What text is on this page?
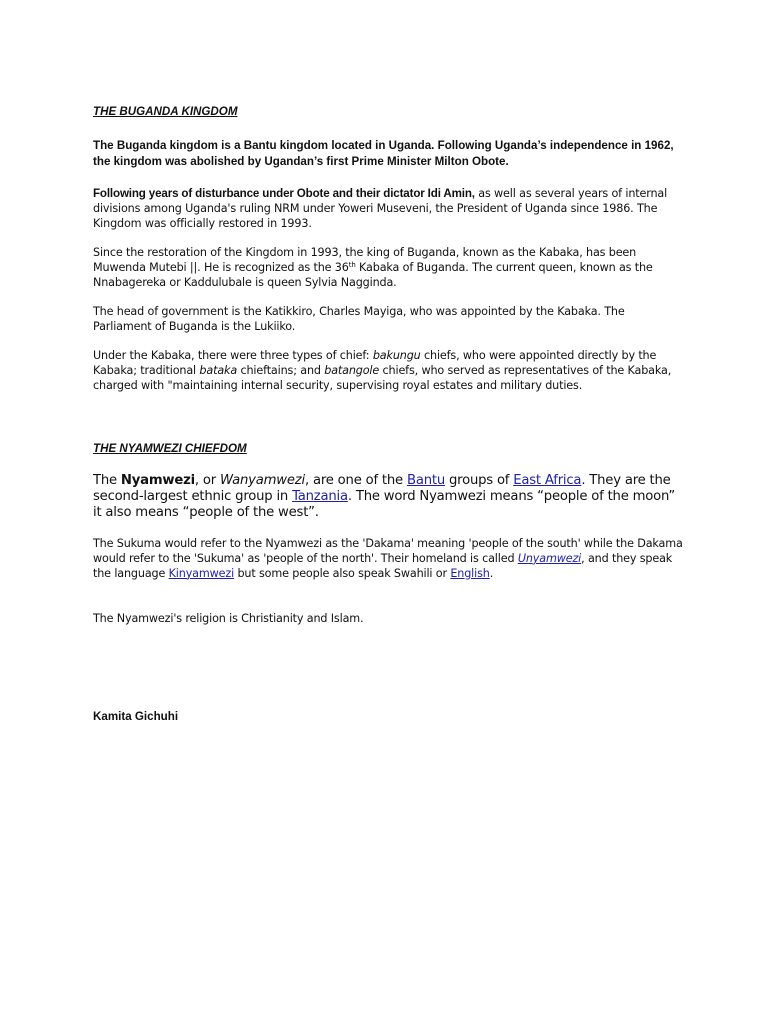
THE BUGANDA KINGDOM

The Buganda kingdom is a Bantu kingdom located in Uganda. Following Uganda’s independence in 1962, the kingdom was abolished by Ugandan’s first Prime Minister Milton Obote.

Following years of disturbance under Obote and their dictator Idi Amin, as well as several years of internal divisions among Uganda's ruling NRM under Yoweri Museveni, the President of Uganda since 1986. The Kingdom was officially restored in 1993.

Since the restoration of the Kingdom in 1993, the king of Buganda, known as the Kabaka, has been Muwenda Mutebi ||. He is recognized as the 36th Kabaka of Buganda. The current queen, known as the Nnabagereka or Kaddulubale is queen Sylvia Nagginda.

The head of government is the Katikkiro, Charles Mayiga, who was appointed by the Kabaka. The Parliament of Buganda is the Lukiiko.

Under the Kabaka, there were three types of chief: bakungu chiefs, who were appointed directly by the Kabaka; traditional bataka chieftains; and batangole chiefs, who served as representatives of the Kabaka, charged with "maintaining internal security, supervising royal estates and military duties.

THE NYAMWEZI CHIEFDOM

The Nyamwezi, or Wanyamwezi, are one of the Bantu groups of East Africa. They are the second-largest ethnic group in Tanzania. The word Nyamwezi means “people of the moon” it also means “people of the west”.

The Sukuma would refer to the Nyamwezi as the 'Dakama' meaning 'people of the south' while the Dakama would refer to the 'Sukuma' as 'people of the north'. Their homeland is called Unyamwezi, and they speak the language Kinyamwezi but some people also speak Swahili or English.

The Nyamwezi's religion is Christianity and Islam.

Kamita Gichuhi
